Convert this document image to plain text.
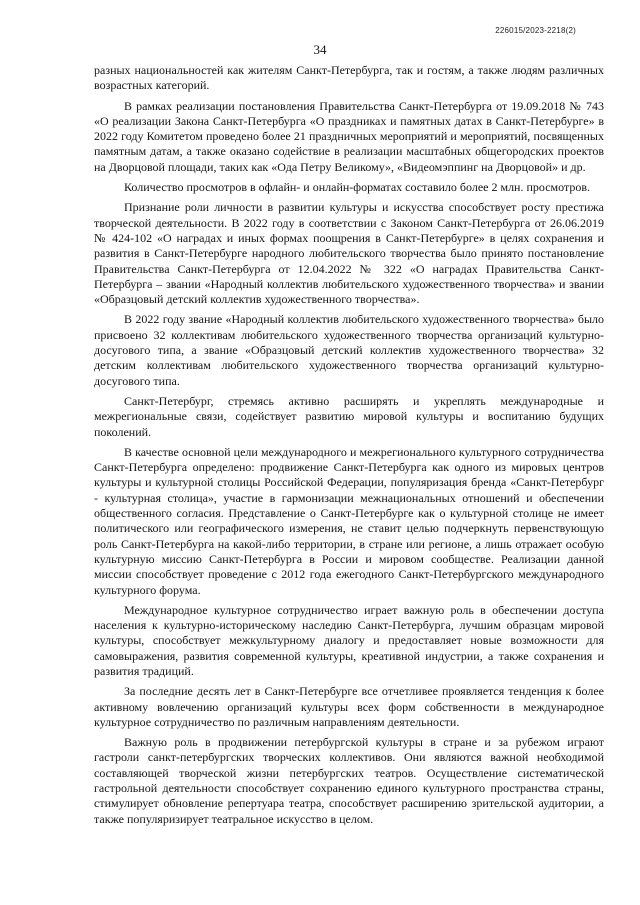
226015/2023-2218(2)
34

разных национальностей как жителям Санкт-Петербурга, так и гостям, а также людям различных возрастных категорий.

В рамках реализации постановления Правительства Санкт-Петербурга от 19.09.2018 № 743 «О реализации Закона Санкт-Петербурга «О праздниках и памятных датах в Санкт-Петербурге» в 2022 году Комитетом проведено более 21 праздничных мероприятий и мероприятий, посвященных памятным датам, а также оказано содействие в реализации масштабных общегородских проектов на Дворцовой площади, таких как «Ода Петру Великому», «Видеомэппинг на Дворцовой» и др.

Количество просмотров в офлайн- и онлайн-форматах составило более 2 млн. просмотров.

Признание роли личности в развитии культуры и искусства способствует росту престижа творческой деятельности. В 2022 году в соответствии с Законом Санкт-Петербурга от 26.06.2019 № 424-102 «О наградах и иных формах поощрения в Санкт-Петербурге» в целях сохранения и развития в Санкт-Петербурге народного любительского творчества было принято постановление Правительства Санкт-Петербурга от 12.04.2022 № 322 «О наградах Правительства Санкт-Петербурга – звании «Народный коллектив любительского художественного творчества» и звании «Образцовый детский коллектив художественного творчества».

В 2022 году звание «Народный коллектив любительского художественного творчества» было присвоено 32 коллективам любительского художественного творчества организаций культурно-досугового типа, а звание «Образцовый детский коллектив художественного творчества» 32 детским коллективам любительского художественного творчества организаций культурно-досугового типа.

Санкт-Петербург, стремясь активно расширять и укреплять международные и межрегиональные связи, содействует развитию мировой культуры и воспитанию будущих поколений.

В качестве основной цели международного и межрегионального культурного сотрудничества Санкт-Петербурга определено: продвижение Санкт-Петербурга как одного из мировых центров культуры и культурной столицы Российской Федерации, популяризация бренда «Санкт-Петербург - культурная столица», участие в гармонизации межнациональных отношений и обеспечении общественного согласия. Представление о Санкт-Петербурге как о культурной столице не имеет политического или географического измерения, не ставит целью подчеркнуть первенствующую роль Санкт-Петербурга на какой-либо территории, в стране или регионе, а лишь отражает особую культурную миссию Санкт-Петербурга в России и мировом сообществе. Реализации данной миссии способствует проведение с 2012 года ежегодного Санкт-Петербургского международного культурного форума.

Международное культурное сотрудничество играет важную роль в обеспечении доступа населения к культурно-историческому наследию Санкт-Петербурга, лучшим образцам мировой культуры, способствует межкультурному диалогу и предоставляет новые возможности для самовыражения, развития современной культуры, креативной индустрии, а также сохранения и развития традиций.

За последние десять лет в Санкт-Петербурге все отчетливее проявляется тенденция к более активному вовлечению организаций культуры всех форм собственности в международное культурное сотрудничество по различным направлениям деятельности.

Важную роль в продвижении петербургской культуры в стране и за рубежом играют гастроли санкт-петербургских творческих коллективов. Они являются важной необходимой составляющей творческой жизни петербургских театров. Осуществление систематической гастрольной деятельности способствует сохранению единого культурного пространства страны, стимулирует обновление репертуара театра, способствует расширению зрительской аудитории, а также популяризирует театральное искусство в целом.
